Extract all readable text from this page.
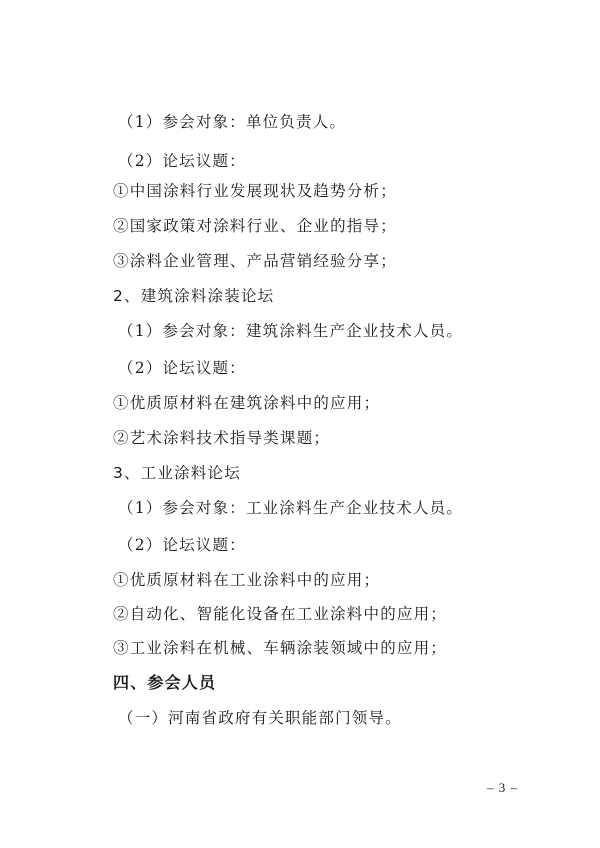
（1）参会对象：单位负责人。
（2）论坛议题：
①中国涂料行业发展现状及趋势分析；
②国家政策对涂料行业、企业的指导；
③涂料企业管理、产品营销经验分享；
2、建筑涂料涂装论坛
（1）参会对象：建筑涂料生产企业技术人员。
（2）论坛议题：
①优质原材料在建筑涂料中的应用；
②艺术涂料技术指导类课题；
3、工业涂料论坛
（1）参会对象：工业涂料生产企业技术人员。
（2）论坛议题：
①优质原材料在工业涂料中的应用；
②自动化、智能化设备在工业涂料中的应用；
③工业涂料在机械、车辆涂装领域中的应用；
四、参会人员
（一）河南省政府有关职能部门领导。
– 3 –
